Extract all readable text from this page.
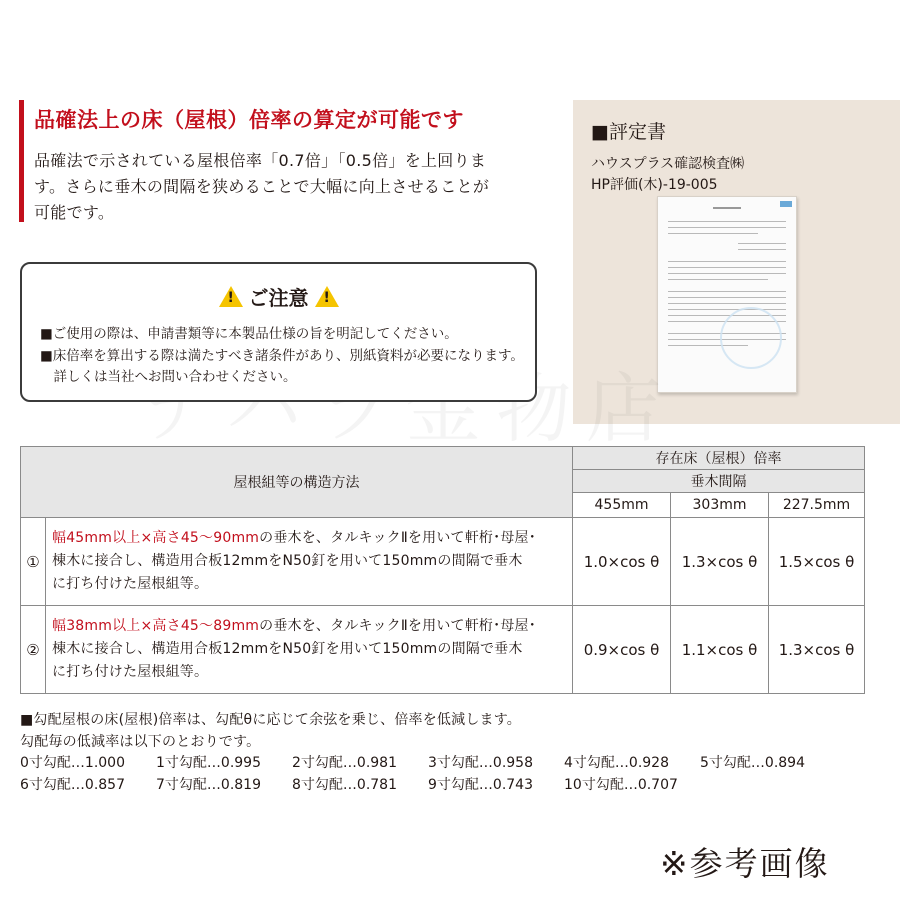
品確法上の床（屋根）倍率の算定が可能です
品確法で示されている屋根倍率「0.7倍」「0.5倍」を上回りま
す。さらに垂木の間隔を狭めることで大幅に向上させることが
可能です。
■評定書
ハウスプラス確認検査㈱
HP評価(木)-19-005
!ご注意!
■ご使用の際は、申請書類等に本製品仕様の旨を明記してください。
■床倍率を算出する際は満たすべき諸条件があり、別紙資料が必要になります。
　詳しくは当社へお問い合わせください。
屋根組等の構造方法		存在床（屋根）倍率		
		垂木間隔		
		455mm	303mm	227.5mm
①	幅45mm以上×高さ45～90mmの垂木を、タルキックⅡを用いて軒桁･母屋･
棟木に接合し、構造用合板12mmをN50釘を用いて150mmの間隔で垂木
に打ち付けた屋根組等。	1.0×cos θ	1.3×cos θ	1.5×cos θ
②	幅38mm以上×高さ45～89mmの垂木を、タルキックⅡを用いて軒桁･母屋･
棟木に接合し、構造用合板12mmをN50釘を用いて150mmの間隔で垂木
に打ち付けた屋根組等。	0.9×cos θ	1.1×cos θ	1.3×cos θ
■勾配屋根の床(屋根)倍率は、勾配θに応じて余弦を乗じ、倍率を低減します。
勾配毎の低減率は以下のとおりです。
0寸勾配…1.000 1寸勾配…0.995 2寸勾配…0.981 3寸勾配…0.958 4寸勾配…0.928 5寸勾配…0.894
6寸勾配…0.857 7寸勾配…0.819 8寸勾配…0.781 9寸勾配…0.743 10寸勾配…0.707
※参考画像
